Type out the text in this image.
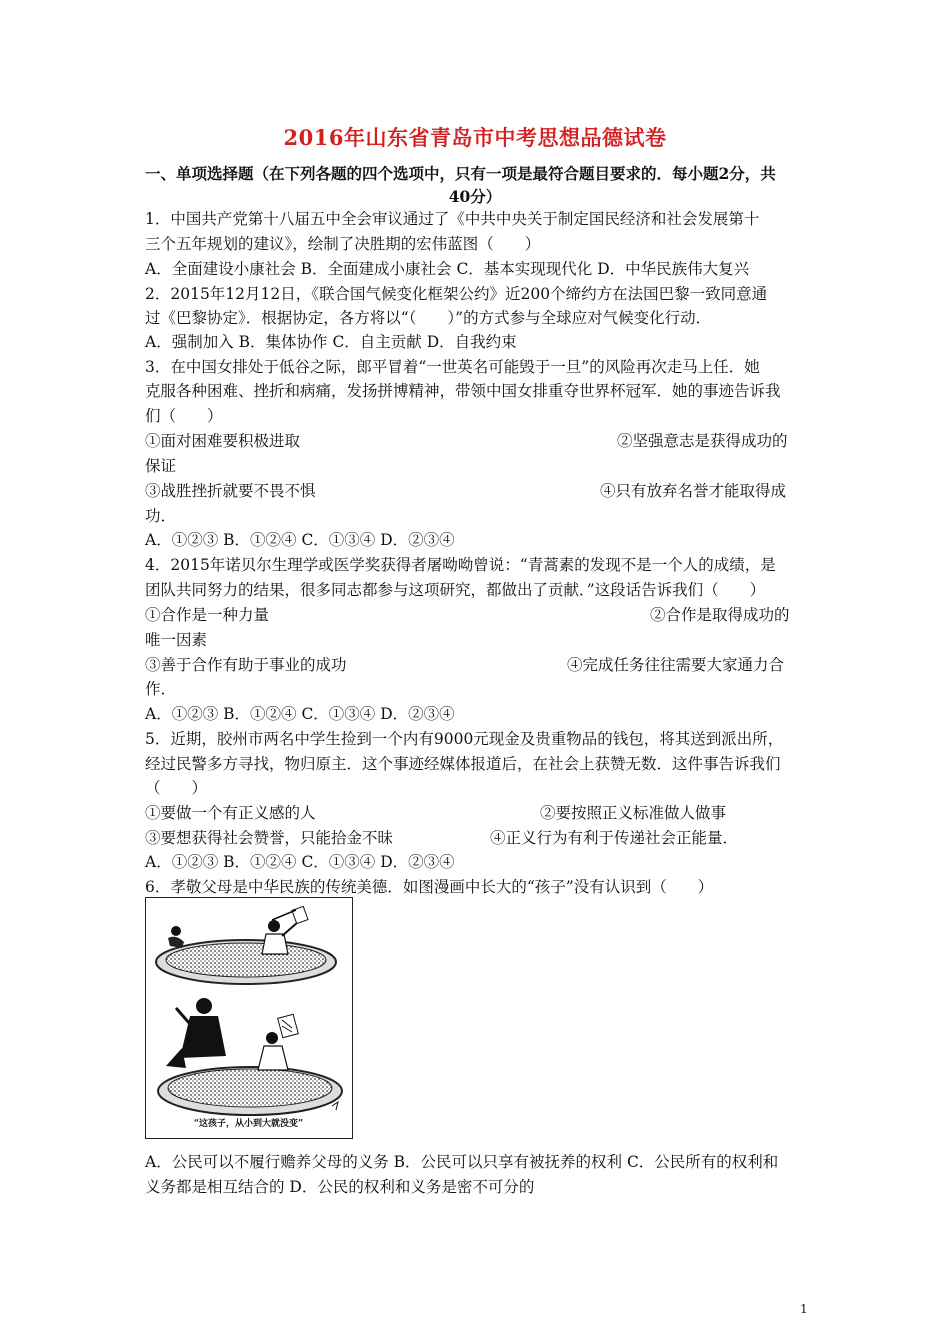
2016年山东省青岛市中考思想品德试卷
一、单项选择题（在下列各题的四个选项中，只有一项是最符合题目要求的．每小题2分，共
40分）
1．中国共产党第十八届五中全会审议通过了《中共中央关于制定国民经济和社会发展第十
三个五年规划的建议》，绘制了决胜期的宏伟蓝图（　　）
A．全面建设小康社会 B．全面建成小康社会 C．基本实现现代化 D．中华民族伟大复兴
2．2015年12月12日，《联合国气候变化框架公约》近200个缔约方在法国巴黎一致同意通
过《巴黎协定》．根据协定，各方将以“（　　）”的方式参与全球应对气候变化行动．
A．强制加入 B．集体协作 C．自主贡献 D．自我约束
3．在中国女排处于低谷之际，郎平冒着“一世英名可能毁于一旦”的风险再次走马上任．她
克服各种困难、挫折和病痛，发扬拼博精神，带领中国女排重夺世界杯冠军．她的事迹告诉我
们（　　）
①面对困难要积极进取	②坚强意志是获得成功的
保证
③战胜挫折就要不畏不惧	④只有放弃名誉才能取得成
功．
A．①②③ B．①②④ C．①③④ D．②③④
4．2015年诺贝尔生理学或医学奖获得者屠呦呦曾说：“青蒿素的发现不是一个人的成绩，是
团队共同努力的结果，很多同志都参与这项研究，都做出了贡献．”这段话告诉我们（　　）
①合作是一种力量	②合作是取得成功的
唯一因素
③善于合作有助于事业的成功	④完成任务往往需要大家通力合
作．
A．①②③ B．①②④ C．①③④ D．②③④
5．近期，胶州市两名中学生捡到一个内有9000元现金及贵重物品的钱包，将其送到派出所，
经过民警多方寻找，物归原主．这个事迹经媒体报道后，在社会上获赞无数．这件事告诉我们
（　　）
①要做一个有正义感的人	②要按照正义标准做人做事
③要想获得社会赞誉，只能拾金不昧	④正义行为有利于传递社会正能量．
A．①②③ B．①②④ C．①③④ D．②③④
6．孝敬父母是中华民族的传统美德．如图漫画中长大的“孩子”没有认识到（　　）
“这孩子，从小到大就没变”
A．公民可以不履行赡养父母的义务 B．公民可以只享有被抚养的权利 C．公民所有的权利和
义务都是相互结合的 D．公民的权利和义务是密不可分的
1
